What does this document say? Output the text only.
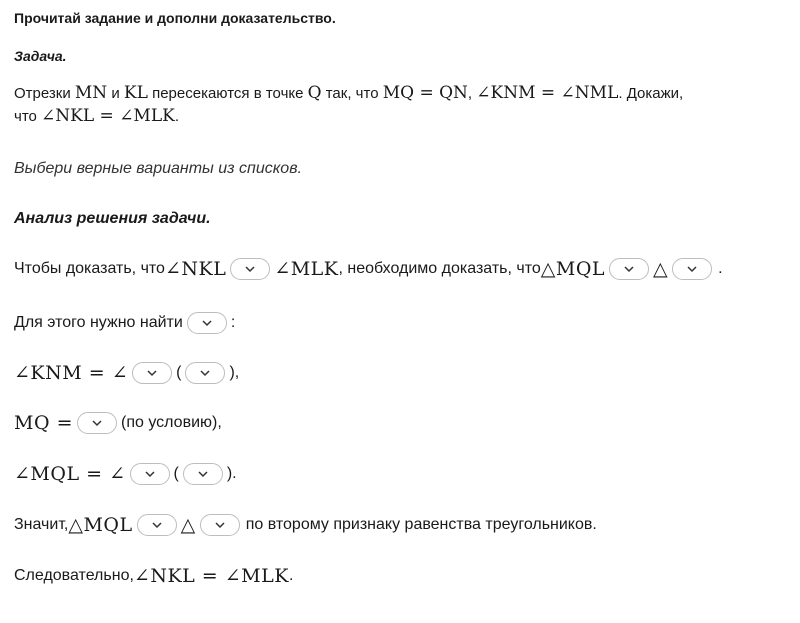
Прочитай задание и дополни доказательство.
Задача.
Отрезки MN и KL пересекаются в точке Q так, что MQ = QN, ∠KNM = ∠NML. Докажи,
что ∠NKL = ∠MLK.
Выбери верные варианты из списков.
Анализ решения задачи.
Чтобы доказать, что ∠NKL	∠MLK , необходимо доказать, что △MQL	△	.
Для этого нужно найти	:
∠KNM = ∠	(	),
MQ =	(по условию),
∠MQL = ∠	(	).
Значит, △MQL	△	по второму признаку равенства треугольников.
Следовательно, ∠NKL = ∠MLK .
